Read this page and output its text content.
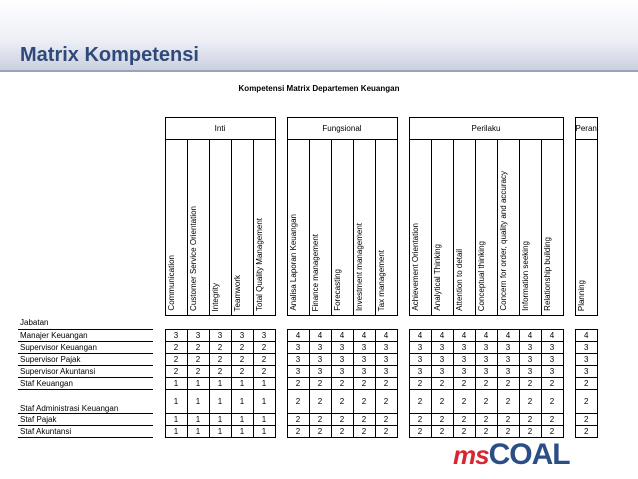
Matrix Kompetensi
Kompetensi Matrix Departemen Keuangan
		Inti						Fungsional						Perilaku								Peran

		Communication	Customer Service Orientation	Integrity	Teamwork	Total Quality Management		Analisa Laporan Keuangan	Finance management	Forecasting	Investment management	Tax management		Achievement Orientation	Analytical Thinking	Attention to detail	Conceptual thinking	Concern for order, quality and accuracy	Information seeking	Relationship building		Planning

Jabatan																						
Manajer Keuangan		3	3	3	3	3		4	4	4	4	4		4	4	4	4	4	4	4		4
Supervisor Keuangan		2	2	2	2	2		3	3	3	3	3		3	3	3	3	3	3	3		3
Supervisor Pajak		2	2	2	2	2		3	3	3	3	3		3	3	3	3	3	3	3		3
Supervisor Akuntansi		2	2	2	2	2		3	3	3	3	3		3	3	3	3	3	3	3		3
Staf Keuangan		1	1	1	1	1		2	2	2	2	2		2	2	2	2	2	2	2		2
Staf Administrasi Keuangan		1	1	1	1	1		2	2	2	2	2		2	2	2	2	2	2	2		2
Staf Pajak		1	1	1	1	1		2	2	2	2	2		2	2	2	2	2	2	2		2
Staf Akuntansi		1	1	1	1	1		2	2	2	2	2		2	2	2	2	2	2	2		2
msCOAL
